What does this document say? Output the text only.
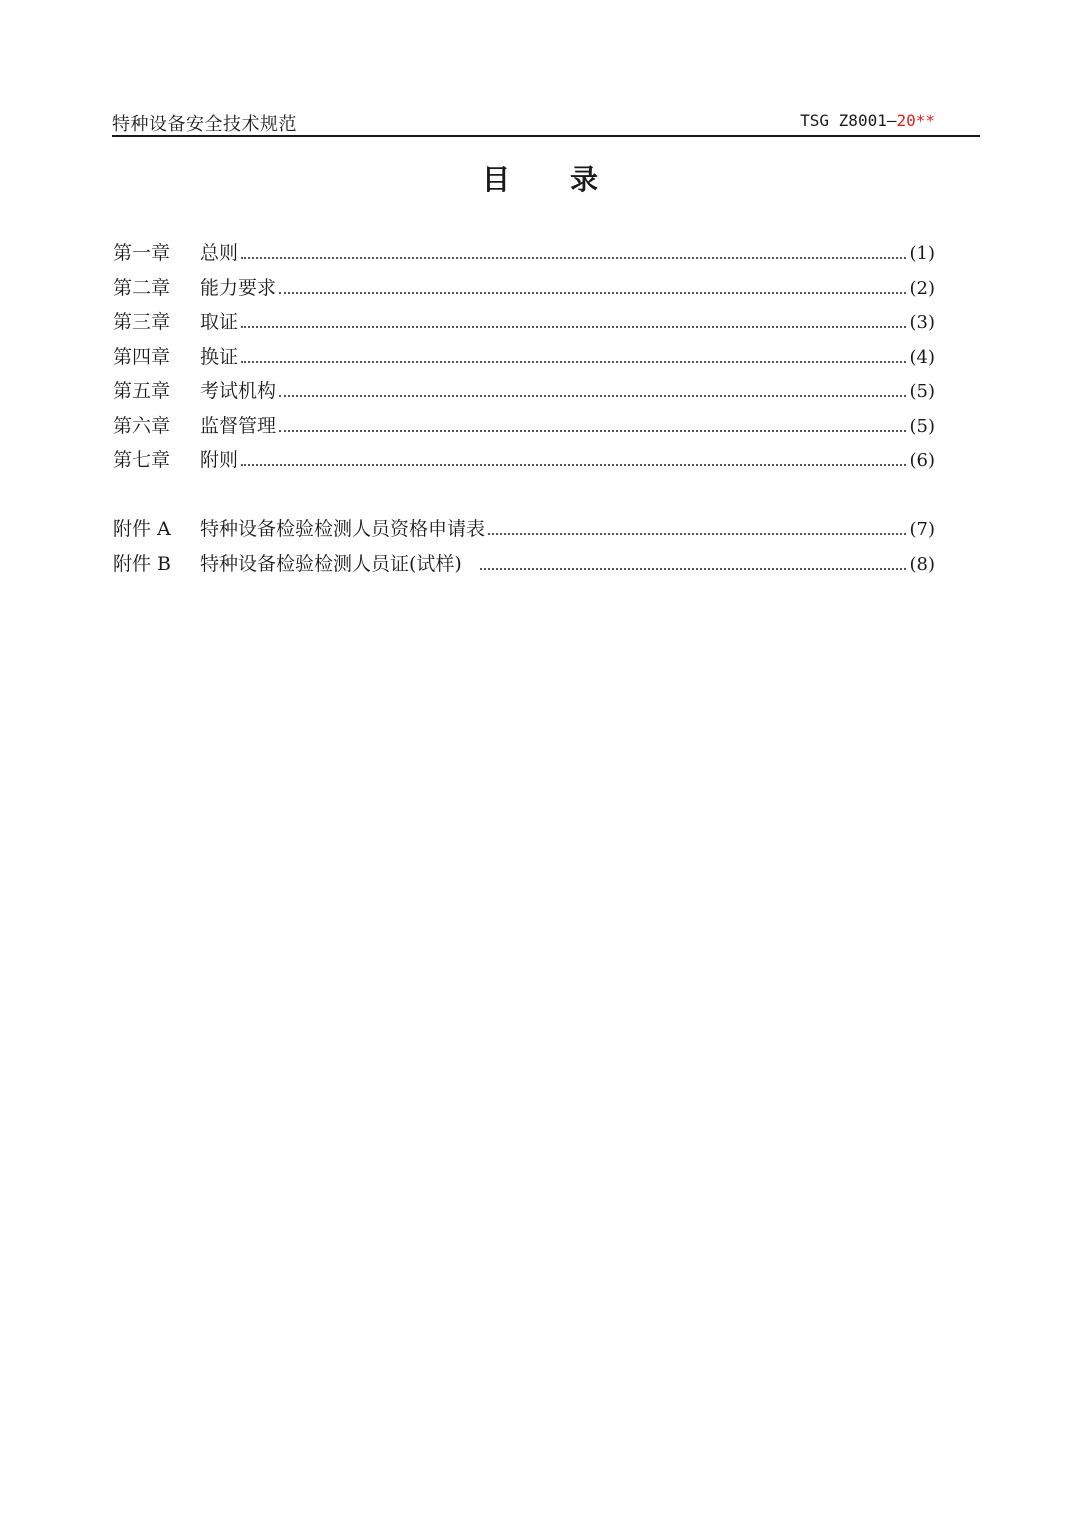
特种设备安全技术规范	TSG Z8001—20**
目录
第一章	总则	(1)
第二章	能力要求	(2)
第三章	取证	(3)
第四章	换证	(4)
第五章	考试机构	(5)
第六章	监督管理	(5)
第七章	附则	(6)
附件 A	特种设备检验检测人员资格申请表	(7)
附件 B	特种设备检验检测人员证(试样)	(8)
